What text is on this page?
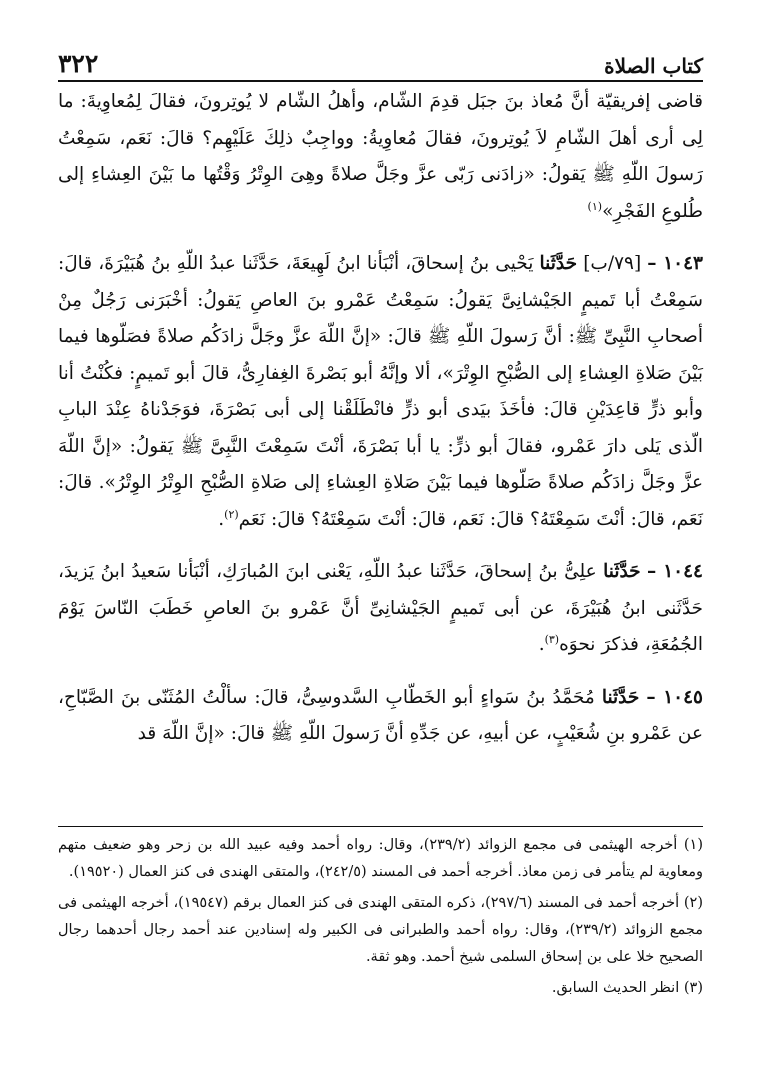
٣٢٢	كتاب الصلاة

قاضى إفريقيّة أنَّ مُعاذ بنَ جبَل قدِمَ الشّام، وأهلُ الشّام لا يُوتِرونَ، فقالَ لِمُعاوِيةَ: ما لِى أرى أهلَ الشّامِ لاَ يُوتِرونَ، فقالَ مُعاوِيةُ: وواجِبٌ ذلِكَ عَلَيْهِم؟ قالَ: نَعَم، سَمِعْتُ رَسولَ اللّهِ ﷺ يَقولُ: «زادَنى رَبّى عزَّ وجَلَّ صلاةً وهِىَ الوِتْرُ وَقْتُها ما بَيْنَ العِشاءِ إلى طُلوعِ الفَجْرِ»$^{(١)}$

١٠٤٣ – [٧٩/ب] حَدَّثَنا يَحْيى بنُ إسحاقَ، أنْبَأنا ابنُ لَهِيعَةَ، حَدَّثَنا عبدُ اللّهِ بنُ هُبَيْرَةَ، قالَ: سَمِعْتُ أبا تَميمٍ الجَيْشانِىَّ يَقولُ: سَمِعْتُ عَمْرو بنَ العاصِ يَقولُ: أخْبَرَنى رَجُلٌ مِنْ أصحابِ النَّبِىِّ ﷺ: أنَّ رَسولَ اللّهِ ﷺ قالَ: «إنَّ اللّهَ عزَّ وجَلَّ زادَكُم صلاةً فصَلّوها فيما بَيْنَ صَلاةِ العِشاءِ إلى الصُّبْحِ الوِتْرَ»، ألا وإنَّهُ أبو بَصْرةَ الغِفارِىُّ، قالَ أبو تَميمٍ: فكُنْتُ أنا وأبو ذرٍّ قاعِدَيْنِ قالَ: فأخَذَ بيَدى أبو ذرٍّ فانْطَلَقْنا إلى أبى بَصْرَةَ، فوَجَدْناهُ عِنْدَ البابِ الّذى يَلى دارَ عَمْرو، فقالَ أبو ذرٍّ: يا أبا بَصْرَةَ، أنْتَ سَمِعْتَ النَّبِىَّ ﷺ يَقولُ: «إنَّ اللّهَ عزَّ وجَلَّ زادَكُم صلاةً صَلّوها فيما بَيْنَ صَلاةِ العِشاءِ إلى صَلاةِ الصُّبْحِ الوِتْرُ الوِتْرُ». قالَ: نَعَم، قالَ: أنْتَ سَمِعْتَهُ؟ قالَ: نَعَم، قالَ: أنْتَ سَمِعْتَهُ؟ قالَ: نَعَم$^{(٢)}$.

١٠٤٤ – حَدَّثَنا علِىُّ بنُ إسحاقَ، حَدَّثَنا عبدُ اللّهِ، يَعْنى ابنَ المُبارَكِ، أنْبَأنا سَعيدُ ابنُ يَزيدَ، حَدَّثَنى ابنُ هُبَيْرَةَ، عن أبى تَميمٍ الجَيْشانِىِّ أنَّ عَمْرو بنَ العاصِ خَطَبَ النّاسَ يَوْمَ الجُمُعَةِ، فذكرَ نحوَه$^{(٣)}$.

١٠٤٥ – حَدَّثَنا مُحَمَّدُ بنُ سَواءٍ أبو الخَطّابِ السَّدوسِىُّ، قالَ: سألْتُ المُثَنّى بنَ الصَّبّاحِ، عن عَمْرو بنِ شُعَيْبٍ، عن أبيهِ، عن جَدِّهِ أنَّ رَسولَ اللّهِ ﷺ قالَ: «إنَّ اللّهَ قد

(١) أخرجه الهيثمى فى مجمع الزوائد (٢٣٩/٢)، وقال: رواه أحمد وفيه عبيد الله بن زحر وهو ضعيف متهم ومعاوية لم يتأمر فى زمن معاذ. أخرجه أحمد فى المسند (٢٤٢/٥)، والمتقى الهندى فى كنز العمال (١٩٥٢٠).

(٢) أخرجه أحمد فى المسند (٢٩٧/٦)، ذكره المتقى الهندى فى كنز العمال برقم (١٩٥٤٧)، أخرجه الهيثمى فى مجمع الزوائد (٢٣٩/٢)، وقال: رواه أحمد والطبرانى فى الكبير وله إسنادين عند أحمد رجال أحدهما رجال الصحيح خلا على بن إسحاق السلمى شيخ أحمد. وهو ثقة.

(٣) انظر الحديث السابق.
